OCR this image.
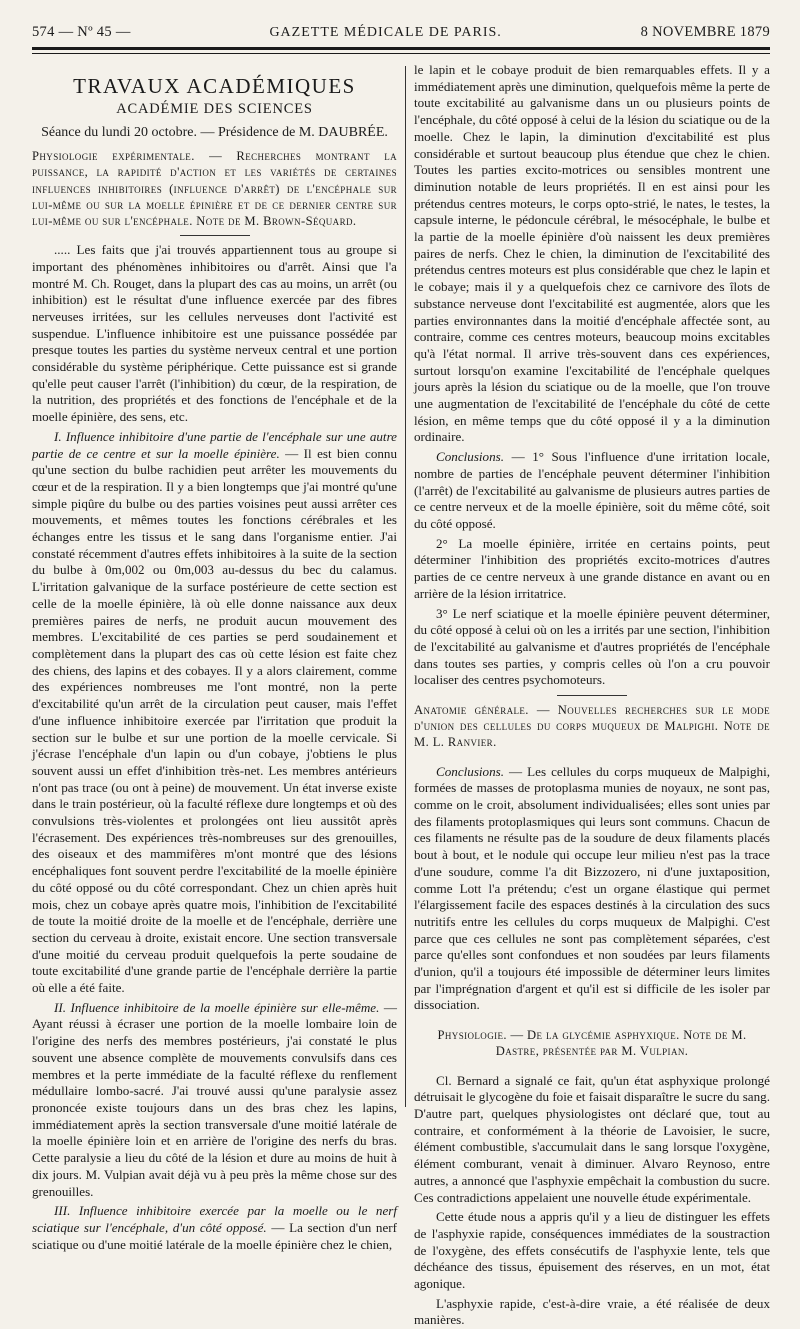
574 — Nº 45 —	GAZETTE MÉDICALE DE PARIS.	8 NOVEMBRE 1879
TRAVAUX ACADÉMIQUES
ACADÉMIE DES SCIENCES
Séance du lundi 20 octobre. — Présidence de M. DAUBRÉE.

Physiologie expérimentale. — Recherches montrant la puissance, la rapidité d'action et les variétés de certaines influences inhibitoires (influence d'arrêt) de l'encéphale sur lui-même ou sur la moelle épinière et de ce dernier centre sur lui-même ou sur l'encéphale. Note de M. Brown-Séquard.

..... Les faits que j'ai trouvés appartiennent tous au groupe si important des phénomènes inhibitoires ou d'arrêt. Ainsi que l'a montré M. Ch. Rouget, dans la plupart des cas au moins, un arrêt (ou inhibition) est le résultat d'une influence exercée par des fibres nerveuses irritées, sur les cellules nerveuses dont l'activité est suspendue. L'influence inhibitoire est une puissance possédée par presque toutes les parties du système nerveux central et une portion considérable du système périphérique. Cette puissance est si grande qu'elle peut causer l'arrêt (l'inhibition) du cœur, de la respiration, de la nutrition, des propriétés et des fonctions de l'encéphale et de la moelle épinière, des sens, etc.

I. Influence inhibitoire d'une partie de l'encéphale sur une autre partie de ce centre et sur la moelle épinière. — Il est bien connu qu'une section du bulbe rachidien peut arrêter les mouvements du cœur et de la respiration. Il y a bien longtemps que j'ai montré qu'une simple piqûre du bulbe ou des parties voisines peut aussi arrêter ces mouvements, et mêmes toutes les fonctions cérébrales et les échanges entre les tissus et le sang dans l'organisme entier. J'ai constaté récemment d'autres effets inhibitoires à la suite de la section du bulbe à 0m,002 ou 0m,003 au-dessus du bec du calamus. L'irritation galvanique de la surface postérieure de cette section est celle de la moelle épinière, là où elle donne naissance aux deux premières paires de nerfs, ne produit aucun mouvement des membres. L'excitabilité de ces parties se perd soudainement et complètement dans la plupart des cas où cette lésion est faite chez des chiens, des lapins et des cobayes. Il y a alors clairement, comme des expériences nombreuses me l'ont montré, non la perte d'excitabilité qu'un arrêt de la circulation peut causer, mais l'effet d'une influence inhibitoire exercée par l'irritation que produit la section sur le bulbe et sur une portion de la moelle cervicale. Si j'écrase l'encéphale d'un lapin ou d'un cobaye, j'obtiens le plus souvent aussi un effet d'inhibition très-net. Les membres antérieurs n'ont pas trace (ou ont à peine) de mouvement. Un état inverse existe dans le train postérieur, où la faculté réflexe dure longtemps et où des convulsions très-violentes et prolongées ont lieu aussitôt après l'écrasement. Des expériences très-nombreuses sur des grenouilles, des oiseaux et des mammifères m'ont montré que des lésions encéphaliques font souvent perdre l'excitabilité de la moelle épinière du côté opposé ou du côté correspondant. Chez un chien après huit mois, chez un cobaye après quatre mois, l'inhibition de l'excitabilité de toute la moitié droite de la moelle et de l'encéphale, derrière une section du cerveau à droite, existait encore. Une section transversale d'une moitié du cerveau produit quelquefois la perte soudaine de toute excitabilité d'une grande partie de l'encéphale derrière la partie où elle a été faite.

II. Influence inhibitoire de la moelle épinière sur elle-même. — Ayant réussi à écraser une portion de la moelle lombaire loin de l'origine des nerfs des membres postérieurs, j'ai constaté le plus souvent une absence complète de mouvements convulsifs dans ces membres et la perte immédiate de la faculté réflexe du renflement médullaire lombo-sacré. J'ai trouvé aussi qu'une paralysie assez prononcée existe toujours dans un des bras chez les lapins, immédiatement après la section transversale d'une moitié latérale de la moelle épinière loin et en arrière de l'origine des nerfs du bras. Cette paralysie a lieu du côté de la lésion et dure au moins de huit à dix jours. M. Vulpian avait déjà vu à peu près la même chose sur des grenouilles.

III. Influence inhibitoire exercée par la moelle ou le nerf sciatique sur l'encéphale, d'un côté opposé. — La section d'un nerf sciatique ou d'une moitié latérale de la moelle épinière chez le chien,

le lapin et le cobaye produit de bien remarquables effets. Il y a immédiatement après une diminution, quelquefois même la perte de toute excitabilité au galvanisme dans un ou plusieurs points de l'encéphale, du côté opposé à celui de la lésion du sciatique ou de la moelle. Chez le lapin, la diminution d'excitabilité est plus considérable et surtout beaucoup plus étendue que chez le chien. Toutes les parties excito-motrices ou sensibles montrent une diminution notable de leurs propriétés. Il en est ainsi pour les prétendus centres moteurs, le corps opto-strié, le nates, le testes, la capsule interne, le pédoncule cérébral, le mésocéphale, le bulbe et la partie de la moelle épinière d'où naissent les deux premières paires de nerfs. Chez le chien, la diminution de l'excitabilité des prétendus centres moteurs est plus considérable que chez le lapin et le cobaye; mais il y a quelquefois chez ce carnivore des îlots de substance nerveuse dont l'excitabilité est augmentée, alors que les parties environnantes dans la moitié d'encéphale affectée sont, au contraire, comme ces centres moteurs, beaucoup moins excitables qu'à l'état normal. Il arrive très-souvent dans ces expériences, surtout lorsqu'on examine l'excitabilité de l'encéphale quelques jours après la lésion du sciatique ou de la moelle, que l'on trouve une augmentation de l'excitabilité de l'encéphale du côté de cette lésion, en même temps que du côté opposé il y a la diminution ordinaire.

Conclusions. — 1° Sous l'influence d'une irritation locale, nombre de parties de l'encéphale peuvent déterminer l'inhibition (l'arrêt) de l'excitabilité au galvanisme de plusieurs autres parties de ce centre nerveux et de la moelle épinière, soit du même côté, soit du côté opposé.

2° La moelle épinière, irritée en certains points, peut déterminer l'inhibition des propriétés excito-motrices d'autres parties de ce centre nerveux à une grande distance en avant ou en arrière de la lésion irritatrice.

3° Le nerf sciatique et la moelle épinière peuvent déterminer, du côté opposé à celui où on les a irrités par une section, l'inhibition de l'excitabilité au galvanisme et d'autres propriétés de l'encéphale dans toutes ses parties, y compris celles où l'on a cru pouvoir localiser des centres psychomoteurs.

Anatomie générale. — Nouvelles recherches sur le mode d'union des cellules du corps muqueux de Malpighi. Note de M. L. Ranvier.

Conclusions. — Les cellules du corps muqueux de Malpighi, formées de masses de protoplasma munies de noyaux, ne sont pas, comme on le croit, absolument individualisées; elles sont unies par des filaments protoplasmiques qui leurs sont communs. Chacun de ces filaments ne résulte pas de la soudure de deux filaments placés bout à bout, et le nodule qui occupe leur milieu n'est pas la trace d'une soudure, comme l'a dit Bizzozero, ni d'une juxtaposition, comme Lott l'a prétendu; c'est un organe élastique qui permet l'élargissement facile des espaces destinés à la circulation des sucs nutritifs entre les cellules du corps muqueux de Malpighi. C'est parce que ces cellules ne sont pas complètement séparées, c'est parce qu'elles sont confondues et non soudées par leurs filaments d'union, qu'il a toujours été impossible de déterminer leurs limites par l'imprégnation d'argent et qu'il est si difficile de les isoler par dissociation.

Physiologie. — De la glycémie asphyxique. Note de M. Dastre, présentée par M. Vulpian.

Cl. Bernard a signalé ce fait, qu'un état asphyxique prolongé détruisait le glycogène du foie et faisait disparaître le sucre du sang. D'autre part, quelques physiologistes ont déclaré que, tout au contraire, et conformément à la théorie de Lavoisier, le sucre, élément combustible, s'accumulait dans le sang lorsque l'oxygène, élément comburant, venait à diminuer. Alvaro Reynoso, entre autres, a annoncé que l'asphyxie empêchait la combustion du sucre. Ces contradictions appelaient une nouvelle étude expérimentale.

Cette étude nous a appris qu'il y a lieu de distinguer les effets de l'asphyxie rapide, conséquences immédiates de la soustraction de l'oxygène, des effets consécutifs de l'asphyxie lente, tels que déchéance des tissus, épuisement des réserves, en un mot, état agonique.

L'asphyxie rapide, c'est-à-dire vraie, a été réalisée de deux manières.
